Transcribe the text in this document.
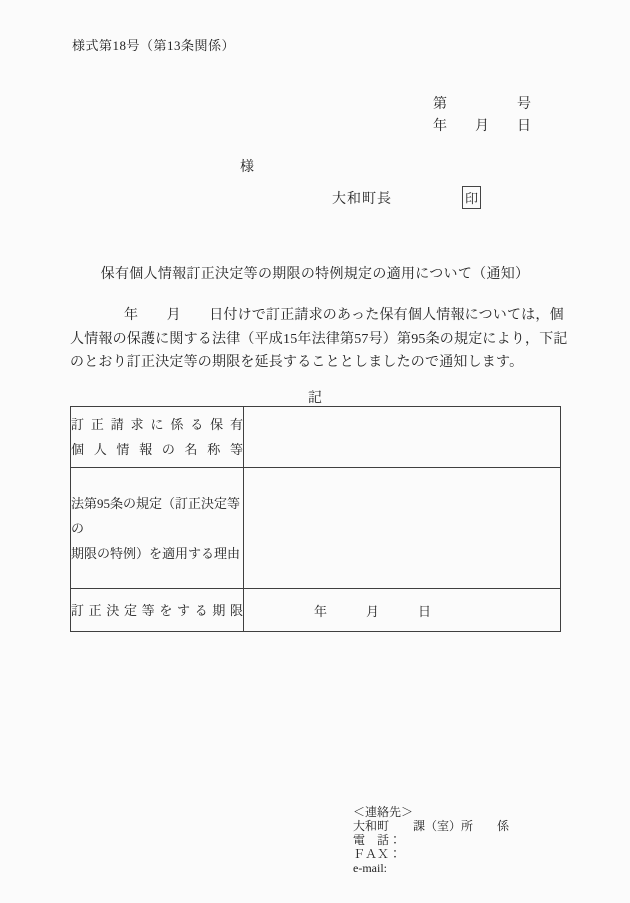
様式第18号（第13条関係）
第　　　　　号
年　　月　　日
様
大和町長	印
保有個人情報訂正決定等の期限の特例規定の適用について（通知）
年　　月　　日付けで訂正請求のあった保有個人情報については，個
人情報の保護に関する法律（平成15年法律第57号）第95条の規定により，下記
のとおり訂正決定等の期限を延長することとしましたので通知します。
記
訂正請求に係る保有
個人情報の名称等	

法第95条の規定（訂正決定等の
期限の特例）を適用する理由	

訂正決定等をする期限	年　　　月　　　日
＜連絡先＞
大和町　　課（室）所　　係
電　話：
ＦＡＸ：
e-mail:
